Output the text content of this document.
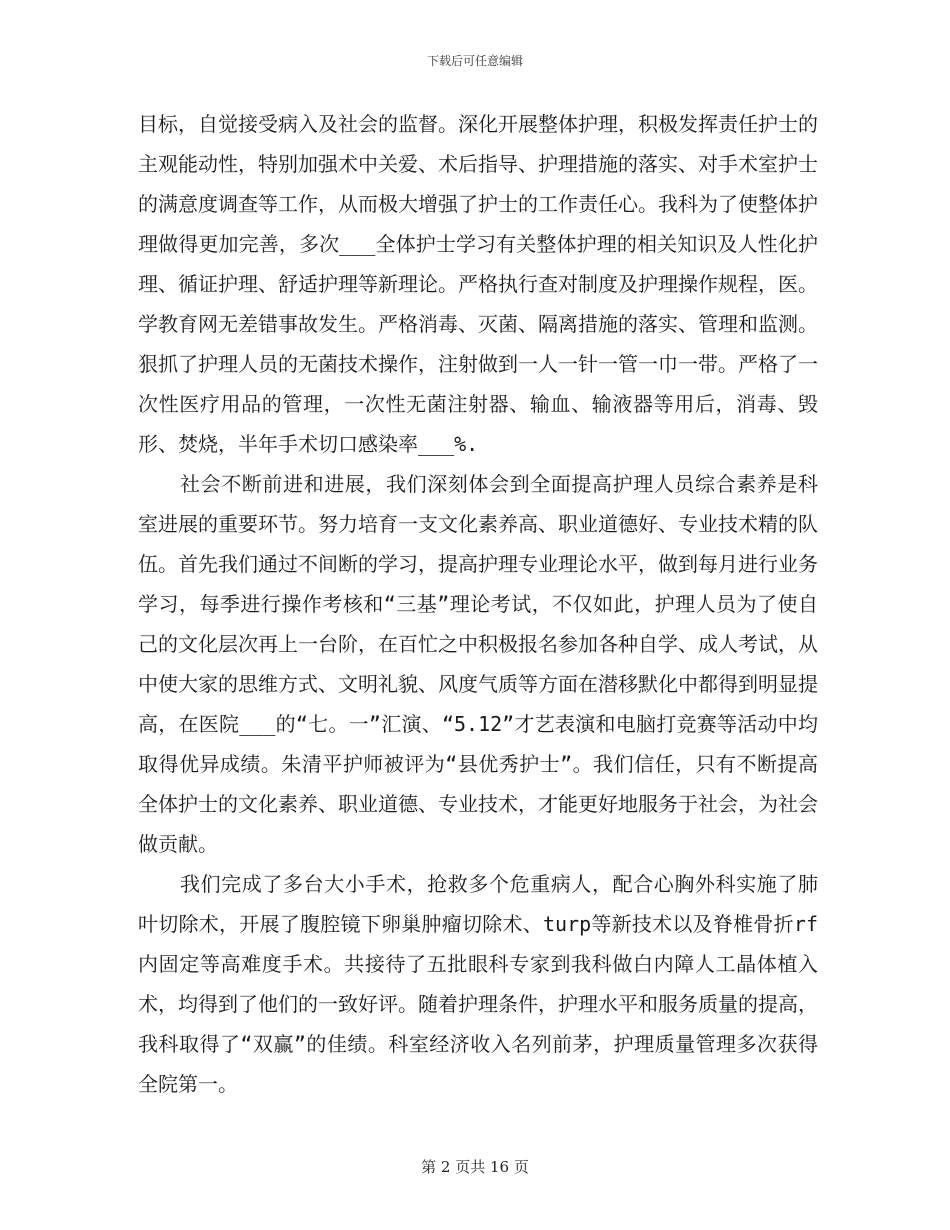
下载后可任意编辑

目标，自觉接受病入及社会的监督。深化开展整体护理，积极发挥责任护士的主观能动性，特别加强术中关爱、术后指导、护理措施的落实、对手术室护士的满意度调查等工作，从而极大增强了护士的工作责任心。我科为了使整体护理做得更加完善，多次___全体护士学习有关整体护理的相关知识及人性化护理、循证护理、舒适护理等新理论。严格执行查对制度及护理操作规程，医。学教育网无差错事故发生。严格消毒、灭菌、隔离措施的落实、管理和监测。狠抓了护理人员的无菌技术操作，注射做到一人一针一管一巾一带。严格了一次性医疗用品的管理，一次性无菌注射器、输血、输液器等用后，消毒、毁形、焚烧，半年手术切口感染率___%.

社会不断前进和进展，我们深刻体会到全面提高护理人员综合素养是科室进展的重要环节。努力培育一支文化素养高、职业道德好、专业技术精的队伍。首先我们通过不间断的学习，提高护理专业理论水平，做到每月进行业务学习，每季进行操作考核和“三基”理论考试，不仅如此，护理人员为了使自己的文化层次再上一台阶，在百忙之中积极报名参加各种自学、成人考试，从中使大家的思维方式、文明礼貌、风度气质等方面在潜移默化中都得到明显提高，在医院___的“七。一”汇演、“5.12”才艺表演和电脑打竞赛等活动中均取得优异成绩。朱清平护师被评为“县优秀护士”。我们信任，只有不断提高全体护士的文化素养、职业道德、专业技术，才能更好地服务于社会，为社会做贡献。

我们完成了多台大小手术，抢救多个危重病人，配合心胸外科实施了肺叶切除术，开展了腹腔镜下卵巢肿瘤切除术、turp等新技术以及脊椎骨折rf内固定等高难度手术。共接待了五批眼科专家到我科做白内障人工晶体植入术，均得到了他们的一致好评。随着护理条件，护理水平和服务质量的提高，我科取得了“双赢”的佳绩。科室经济收入名列前茅，护理质量管理多次获得全院第一。

第 2 页共 16 页
